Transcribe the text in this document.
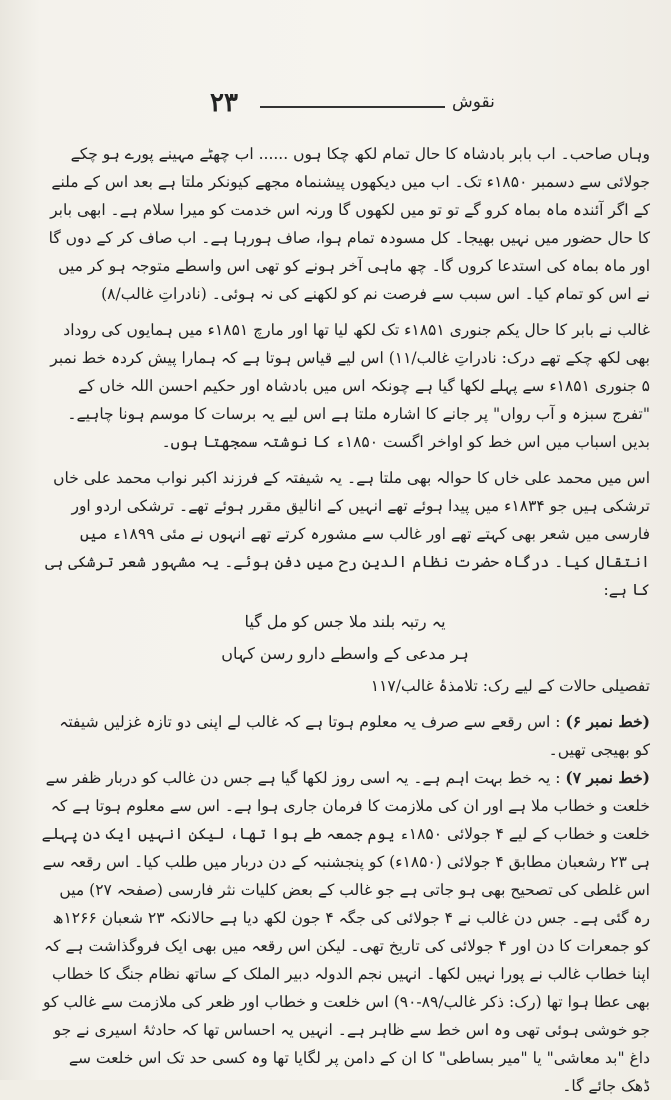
۲۳	نقوش

وہاں صاحب۔ اب بابر بادشاہ کا حال تمام لکھ چکا ہوں ...... اب چھٹے مہینے پورے ہو چکے جولائی سے دسمبر ۱۸۵۰ء تک۔ اب میں دیکھوں پیشنماہ مجھے کیونکر ملتا ہے بعد اس کے ملنے کے اگر آئندہ ماہ بماہ کرو گے تو تو میں لکھوں گا ورنہ اس خدمت کو میرا سلام ہے۔ ابھی بابر کا حال حضور میں نہیں بھیجا۔ کل مسودہ تمام ہوا، صاف ہورہا ہے۔ اب صاف کر کے دوں گا اور ماہ بماہ کی استدعا کروں گا۔ چھ ماہی آخر ہونے کو تھی اس واسطے متوجہ ہو کر میں نے اس کو تمام کیا۔ اس سبب سے فرصت نم کو لکھنے کی نہ ہوئی۔ (نادراتِ غالب/۸)

غالب نے بابر کا حال یکم جنوری ۱۸۵۱ء تک لکھ لیا تھا اور مارچ ۱۸۵۱ء میں ہمایوں کی روداد بھی لکھ چکے تھے درک: نادراتِ غالب/۱۱) اس لیے قیاس ہوتا ہے کہ ہمارا پیش کردہ خط نمبر ۵ جنوری ۱۸۵۱ء سے پہلے لکھا گیا ہے چونکہ اس میں بادشاہ اور حکیم احسن اللہ خاں کے "تفرج سبزہ و آب رواں" پر جانے کا اشارہ ملتا ہے اس لیے یہ برسات کا موسم ہونا چاہیے۔ بدیں اسباب میں اس خط کو اواخر اگست ۱۸۵۰ء کا نوشتہ سمجھتا ہوں۔

اس میں محمد علی خاں کا حوالہ بھی ملتا ہے۔ یہ شیفتہ کے فرزند اکبر نواب محمد علی خاں ترشکی ہیں جو ۱۸۳۴ء میں پیدا ہوئے تھے انہیں کے انالیق مقرر ہوئے تھے۔ ترشکی اردو اور فارسی میں شعر بھی کہتے تھے اور غالب سے مشورہ کرتے تھے انہوں نے مئی ۱۸۹۹ء میں انتقال کیا۔ درگاہ حضرت نظام الدین رح میں دفن ہوئے۔ یہ مشہور شعر ترشکی ہی کا ہے:

یہ رتبہ بلند ملا جس کو مل گیا
ہر مدعی کے واسطے دارو رسن کہاں

تفصیلی حالات کے لیے رک: تلامذۂ غالب/۱۱۷

(خط نمبر ۶) : اس رقعے سے صرف یہ معلوم ہوتا ہے کہ غالب لے اپنی دو تازہ غزلیں شیفتہ کو بھیجی تھیں۔

(خط نمبر ۷) : یہ خط بہت اہم ہے۔ یہ اسی روز لکھا گیا ہے جس دن غالب کو دربار ظفر سے خلعت و خطاب ملا ہے اور ان کی ملازمت کا فرمان جاری ہوا ہے۔ اس سے معلوم ہوتا ہے کہ خلعت و خطاب کے لیے ۴ جولائی ۱۸۵۰ء یوم جمعہ طے ہوا تھا، لیکن انہیں ایک دن پہلے ہی ۲۳ رشعبان مطابق ۴ جولائی (۱۸۵۰ء) کو پنجشنبہ کے دن دربار میں طلب کیا۔ اس رقعہ سے اس غلطی کی تصحیح بھی ہو جاتی ہے جو غالب کے بعض کلیات نثر فارسی (صفحہ ۲۷) میں رہ گئی ہے۔ جس دن غالب نے ۴ جولائی کی جگہ ۴ جون لکھ دیا ہے حالانکہ ۲۳ شعبان ۱۲۶۶ھ کو جمعرات کا دن اور ۴ جولائی کی تاریخ تھی۔ لیکن اس رقعہ میں بھی ایک فروگذاشت ہے کہ اپنا خطاب غالب نے پورا نہیں لکھا۔ انہیں نجم الدولہ دبیر الملک کے ساتھ نظام جنگ کا خطاب بھی عطا ہوا تھا (رک: ذکر غالب/۸۹-۹۰) اس خلعت و خطاب اور ظعر کی ملازمت سے غالب کو جو خوشی ہوئی تھی وہ اس خط سے ظاہر ہے۔ انہیں یہ احساس تھا کہ حادثۂ اسیری نے جو داغ "بد معاشی" یا "میر بساطی" کا ان کے دامن پر لگایا تھا وہ کسی حد تک اس خلعت سے ڈھک جائے گا۔
